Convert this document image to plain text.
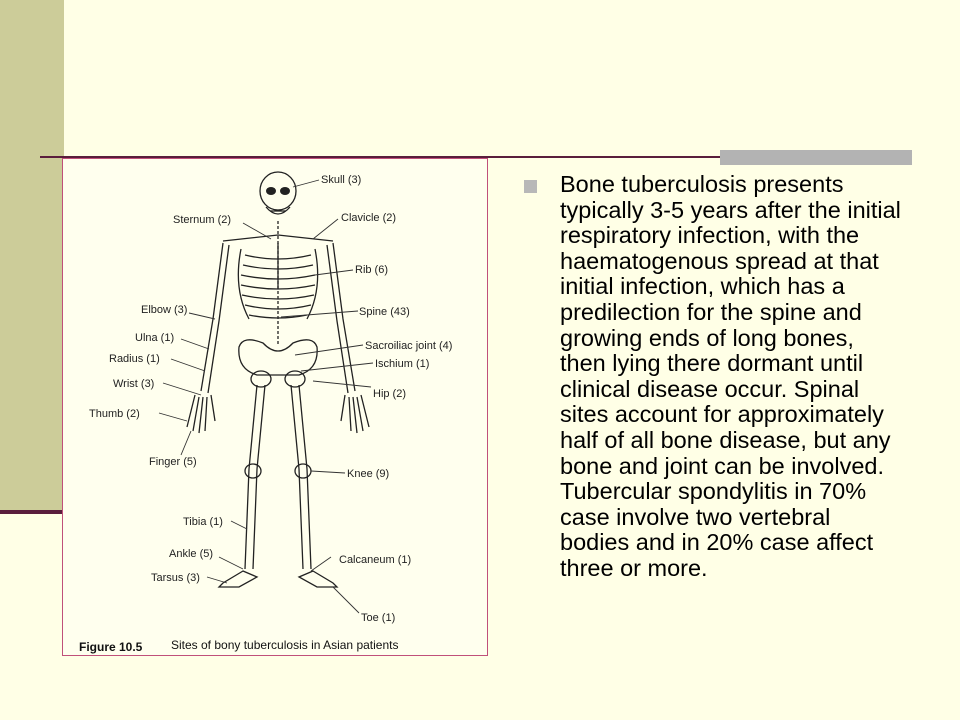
Skull (3)
Sternum (2)	Clavicle (2)
Rib (6)
Elbow (3)	Spine (43)
Ulna (1)
Sacroiliac joint (4)
Radius (1)	Ischium (1)
Wrist (3)
Hip (2)
Thumb (2)
Finger (5)
Knee (9)
Tibia (1)
Ankle (5)	Calcaneum (1)
Tarsus (3)
Toe (1)
Figure 10.5 Sites of bony tuberculosis in Asian patients
Bone tuberculosis presents typically 3-5 years after the initial respiratory infection, with the haematogenous spread at that initial infection, which has a predilection for the spine and growing ends of long bones, then lying there dormant until clinical disease occur. Spinal sites account for approximately half of all bone disease, but any bone and joint can be involved. Tubercular spondylitis in 70% case involve two vertebral bodies and in 20% case affect three or more.
